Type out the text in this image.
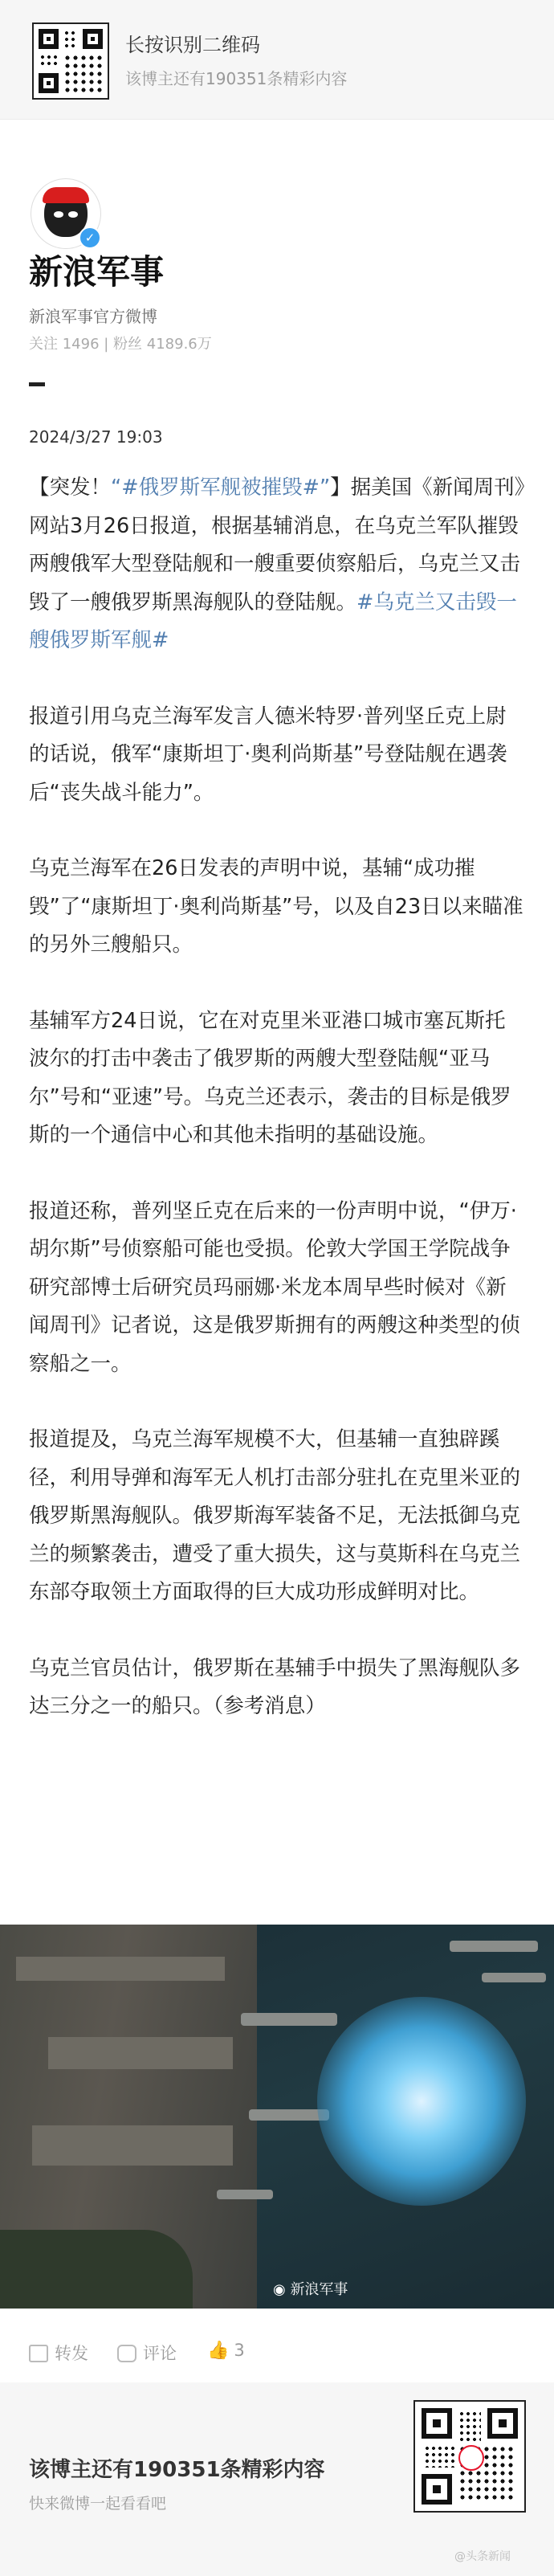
长按识别二维码
该博主还有190351条精彩内容
✓
新浪军事
新浪军事官方微博
关注 1496 | 粉丝 4189.6万
2024/3/27 19:03

【突发！“#俄罗斯军舰被摧毁#”】据美国《新闻周刊》网站3月26日报道，根据基辅消息，在乌克兰军队摧毁两艘俄军大型登陆舰和一艘重要侦察船后，乌克兰又击毁了一艘俄罗斯黑海舰队的登陆舰。#乌克兰又击毁一艘俄罗斯军舰#

报道引用乌克兰海军发言人德米特罗·普列坚丘克上尉的话说，俄军“康斯坦丁·奥利尚斯基”号登陆舰在遇袭后“丧失战斗能力”。

乌克兰海军在26日发表的声明中说，基辅“成功摧毁”了“康斯坦丁·奥利尚斯基”号，以及自23日以来瞄准的另外三艘船只。

基辅军方24日说，它在对克里米亚港口城市塞瓦斯托波尔的打击中袭击了俄罗斯的两艘大型登陆舰“亚马尔”号和“亚速”号。乌克兰还表示，袭击的目标是俄罗斯的一个通信中心和其他未指明的基础设施。

报道还称，普列坚丘克在后来的一份声明中说，“伊万·胡尔斯”号侦察船可能也受损。伦敦大学国王学院战争研究部博士后研究员玛丽娜·米龙本周早些时候对《新闻周刊》记者说，这是俄罗斯拥有的两艘这种类型的侦察船之一。

报道提及，乌克兰海军规模不大，但基辅一直独辟蹊径，利用导弹和海军无人机打击部分驻扎在克里米亚的俄罗斯黑海舰队。俄罗斯海军装备不足，无法抵御乌克兰的频繁袭击，遭受了重大损失，这与莫斯科在乌克兰东部夺取领土方面取得的巨大成功形成鲜明对比。

乌克兰官员估计，俄罗斯在基辅手中损失了黑海舰队多达三分之一的船只。（参考消息）

◉ 新浪军事
转发	评论 👍 3
该博主还有190351条精彩内容
快来微博一起看看吧
@头条新闻
